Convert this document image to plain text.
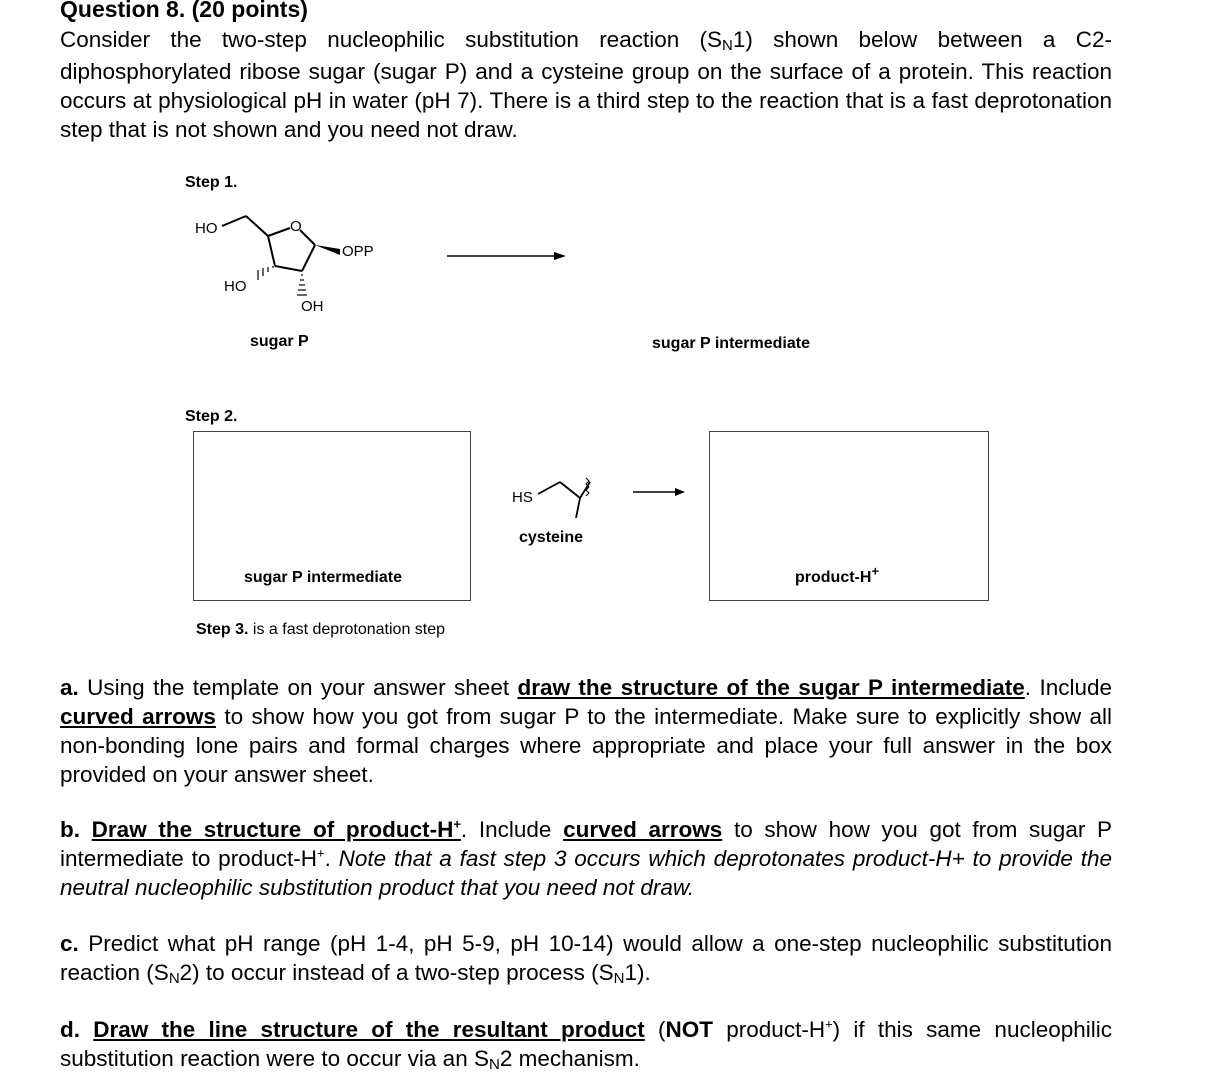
Question 8. (20 points)

Consider the two-step nucleophilic substitution reaction (SN1) shown below between a C2-diphosphorylated ribose sugar (sugar P) and a cysteine group on the surface of a protein. This reaction occurs at physiological pH in water (pH 7). There is a third step to the reaction that is a fast deprotonation step that is not shown and you need not draw.

HO	O
OPP
HO
OH
HS
Step 1.
sugar P	sugar P intermediate
Step 2.
sugar P intermediate
cysteine
product-H+
Step 3. is a fast deprotonation step

a. Using the template on your answer sheet draw the structure of the sugar P intermediate. Include curved arrows to show how you got from sugar P to the intermediate. Make sure to explicitly show all non-bonding lone pairs and formal charges where appropriate and place your full answer in the box provided on your answer sheet.

b. Draw the structure of product-H+. Include curved arrows to show how you got from sugar P intermediate to product-H+. Note that a fast step 3 occurs which deprotonates product-H+ to provide the neutral nucleophilic substitution product that you need not draw.

c. Predict what pH range (pH 1-4, pH 5-9, pH 10-14) would allow a one-step nucleophilic substitution reaction (SN2) to occur instead of a two-step process (SN1).

d. Draw the line structure of the resultant product (NOT product-H+) if this same nucleophilic substitution reaction were to occur via an SN2 mechanism.
